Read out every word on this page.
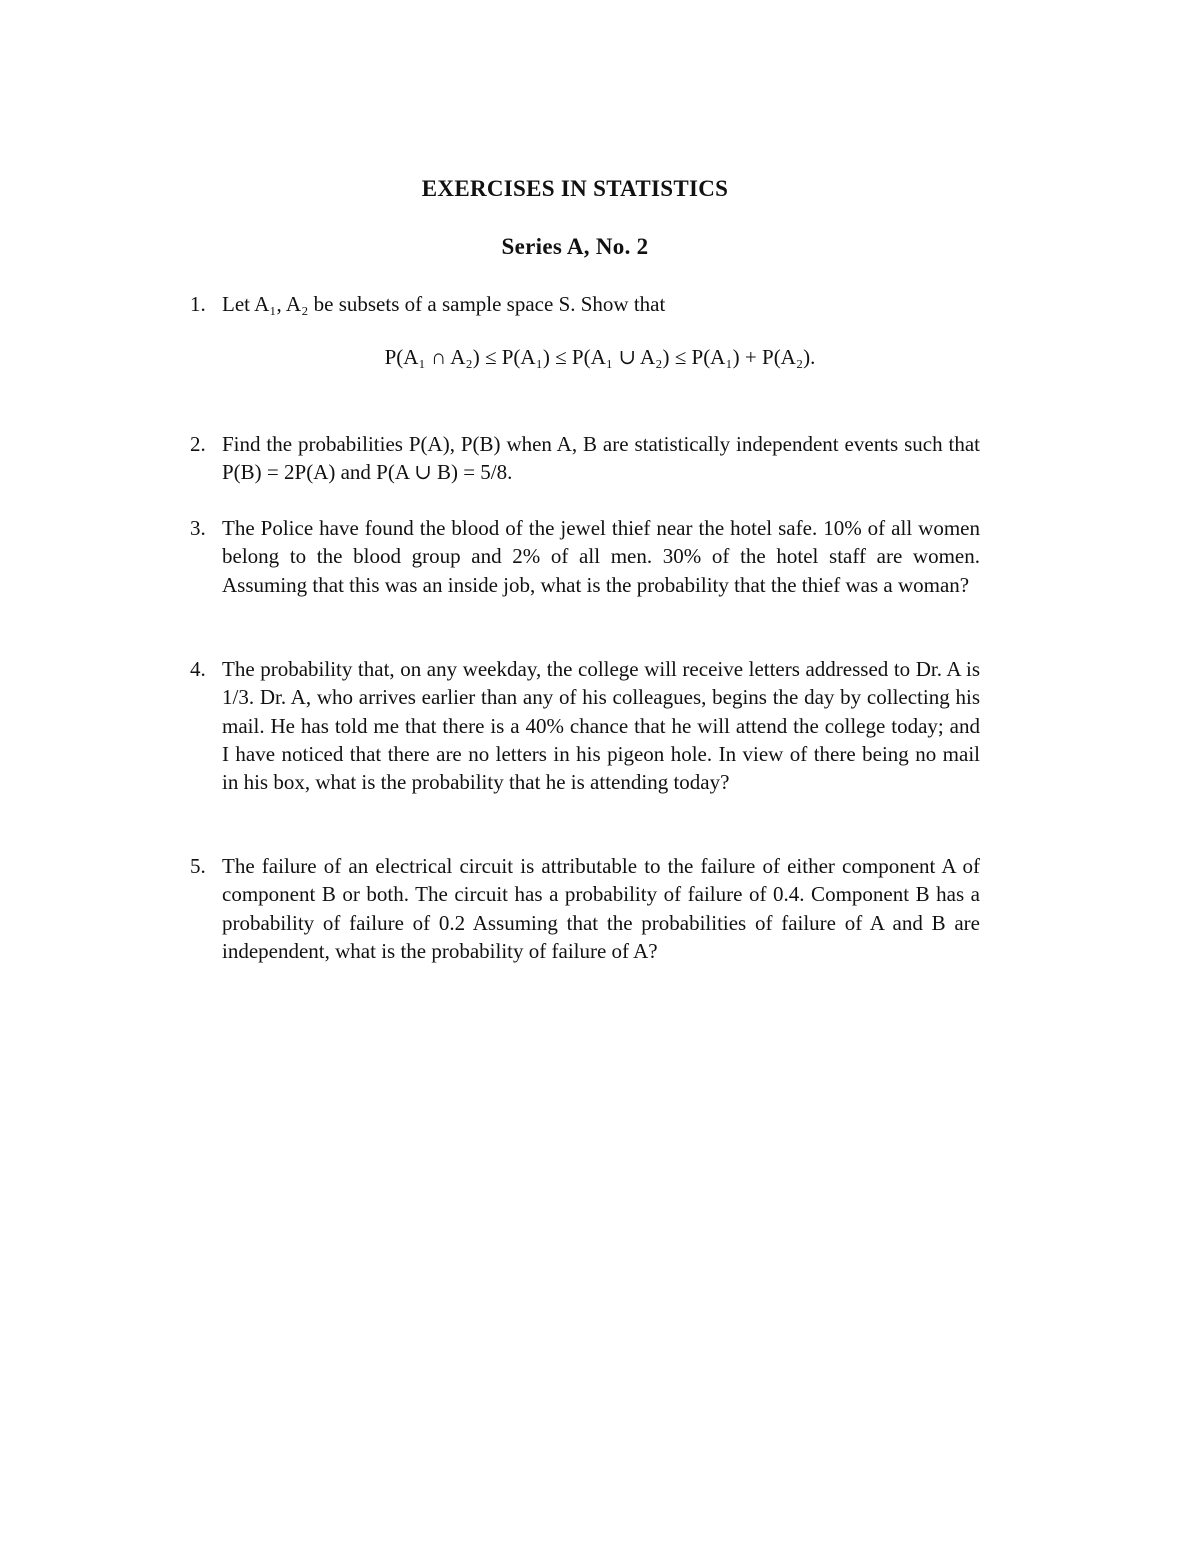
EXERCISES IN STATISTICS
Series A, No. 2
1. Let A₁, A₂ be subsets of a sample space S. Show that
P(A₁ ∩ A₂) ≤ P(A₁) ≤ P(A₁ ∪ A₂) ≤ P(A₁) + P(A₂).
2. Find the probabilities P(A), P(B) when A, B are statistically independent events such that P(B) = 2P(A) and P(A ∪ B) = 5/8.
3. The Police have found the blood of the jewel thief near the hotel safe. 10% of all women belong to the blood group and 2% of all men. 30% of the hotel staff are women. Assuming that this was an inside job, what is the probability that the thief was a woman?
4. The probability that, on any weekday, the college will receive letters addressed to Dr. A is 1/3. Dr. A, who arrives earlier than any of his colleagues, begins the day by collecting his mail. He has told me that there is a 40% chance that he will attend the college today; and I have noticed that there are no letters in his pigeon hole. In view of there being no mail in his box, what is the probability that he is attending today?
5. The failure of an electrical circuit is attributable to the failure of either component A of component B or both. The circuit has a probability of failure of 0.4. Component B has a probability of failure of 0.2 Assuming that the probabilities of failure of A and B are independent, what is the probability of failure of A?
